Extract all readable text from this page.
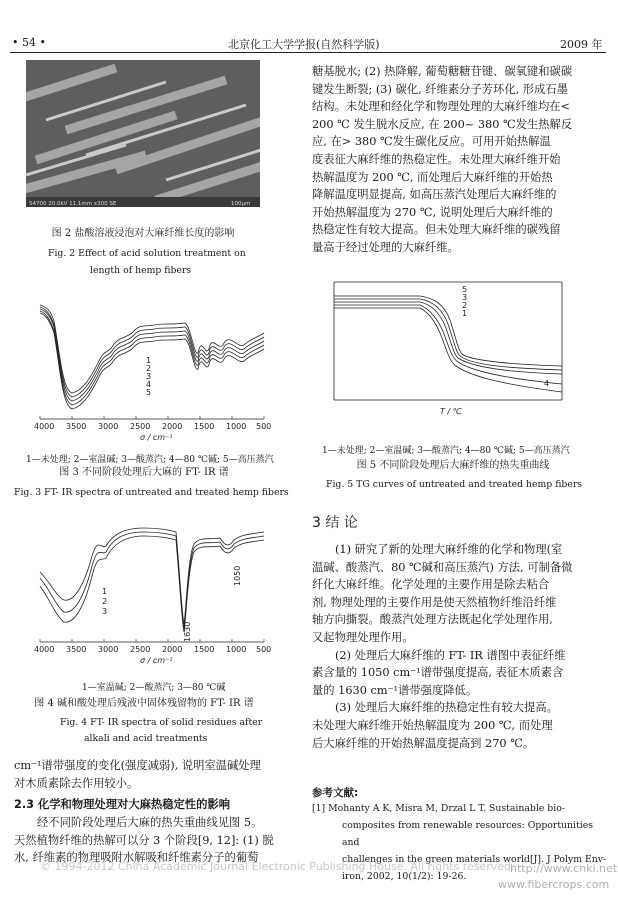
• 54 •	北京化工大学学报(自然科学版)	2009 年
S4700 20.0kV 11.1mm x300 SE	100μm
图 2 盐酸溶液浸泡对大麻纤维长度的影响
Fig. 2 Effect of acid solution treatment on
length of hemp fibers
1
2
3
4
5
4000 3500 3000 2500 2000 1500 1000 500
σ / cm⁻¹
1—未处理; 2—室温碱; 3—酸蒸汽; 4—80 ℃碱; 5—高压蒸汽
图 3 不同阶段处理后大麻的 FT- IR 谱
Fig. 3 FT- IR spectra of untreated and treated hemp fibers
1
2
3
1630
1050
4000 3500 3000 2500 2000 1500 1000 500
σ / cm⁻¹
1—室温碱; 2—酸蒸汽; 3—80 ℃碱
图 4 碱和酸处理后残液中固体残留物的 FT- IR 谱
Fig. 4 FT- IR spectra of solid residues after
alkali and acid treatments

cm⁻¹谱带强度的变化(强度减弱), 说明室温碱处理

对木质素除去作用较小。

2.3 化学和物理处理对大麻热稳定性的影响

经不同阶段处理后大麻的热失重曲线见图 5。

天然植物纤维的热解可以分 3 个阶段[9, 12]: (1) 脱

水, 纤维素的物理吸附水解吸和纤维素分子的葡萄

糖基脱水; (2) 热降解, 葡萄糖糖苷键、碳氧键和碳碳

键发生断裂; (3) 碳化, 纤维素分子芳环化, 形成石墨

结构。未处理和经化学和物理处理的大麻纤维均在<

200 ℃ 发生脱水反应, 在 200~ 380 ℃发生热解反

应, 在> 380 ℃发生碳化反应。可用开始热解温

度表征大麻纤维的热稳定性。未处理大麻纤维开始

热解温度为 200 ℃, 而处理后大麻纤维的开始热

降解温度明显提高, 如高压蒸汽处理后大麻纤维的

开始热解温度为 270 ℃, 说明处理后大麻纤维的

热稳定性有较大提高。但未处理大麻纤维的碳残留

量高于经过处理的大麻纤维。

5
3
2
1
4
T / ℃
1—未处理; 2—室温碱; 3—酸蒸汽; 4—80 ℃碱; 5—高压蒸汽
图 5 不同阶段处理后大麻纤维的热失重曲线
Fig. 5 TG curves of untreated and treated hemp fibers
3 结 论

(1) 研究了新的处理大麻纤维的化学和物理(室

温碱、酸蒸汽、80 ℃碱和高压蒸汽) 方法, 可制备微

纤化大麻纤维。化学处理的主要作用是除去粘合

剂, 物理处理的主要作用是使天然植物纤维沿纤维

轴方向撕裂。酸蒸汽处理方法既起化学处理作用,

又起物理处理作用。

(2) 处理后大麻纤维的 FT- IR 谱图中表征纤维

素含量的 1050 cm⁻¹谱带强度提高, 表征木质素含

量的 1630 cm⁻¹谱带强度降低。

(3) 处理后大麻纤维的热稳定性有较大提高。

未处理大麻纤维开始热解温度为 200 ℃, 而处理

后大麻纤维的开始热解温度提高到 270 ℃。

参考文献:
[1] Mohanty A K, Misra M, Drzal L T. Sustainable bio-
composites from renewable resources: Opportunities and
challenges in the green materials world[J]. J Polym Env-
iron, 2002, 10(1/2): 19-26.
© 1994-2012 China Academic Journal Electronic Publishing House. All rights reserved.
http://www.cnki.net
www.fibercrops.com
